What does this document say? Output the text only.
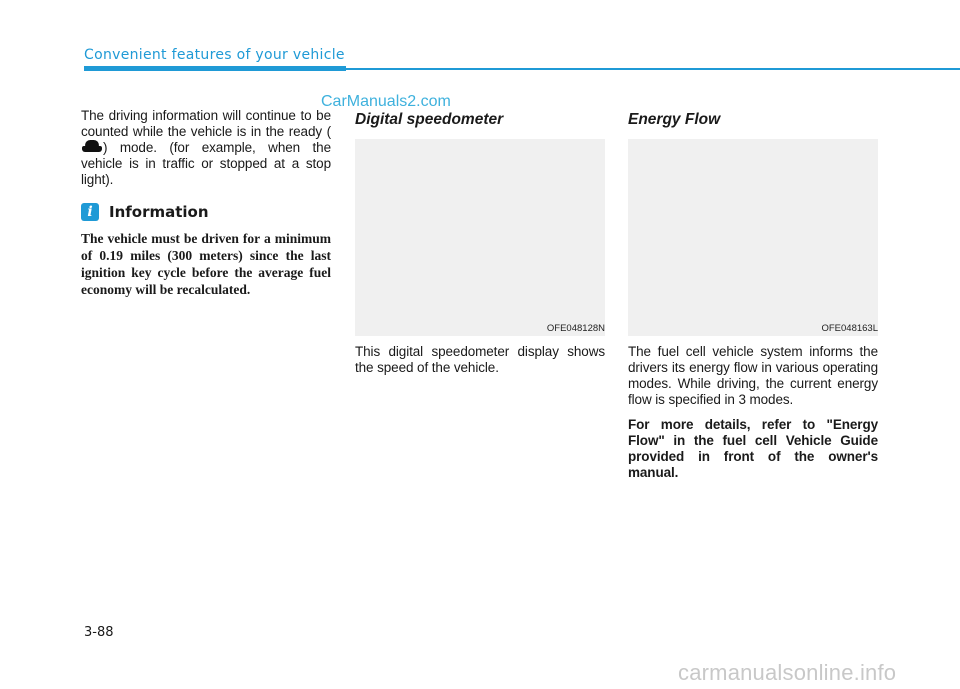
Convenient features of your vehicle
CarManuals2.com

The driving information will continue to be counted while the vehicle is in the ready (
) mode. (for example, when the vehicle is in traffic or stopped at a stop light).

i	Information

The vehicle must be driven for a minimum of 0.19 miles (300 meters) since the last ignition key cycle before the average fuel economy will be recalculated.

Digital speedometer
OFE048128N

This digital speedometer display shows the speed of the vehicle.

Energy Flow
OFE048163L

The fuel cell vehicle system informs the drivers its energy flow in various operating modes. While driving, the current energy flow is specified in 3 modes.

For more details, refer to "Energy Flow" in the fuel cell Vehicle Guide provided in front of the owner's manual.

3-88
carmanualsonline.info
